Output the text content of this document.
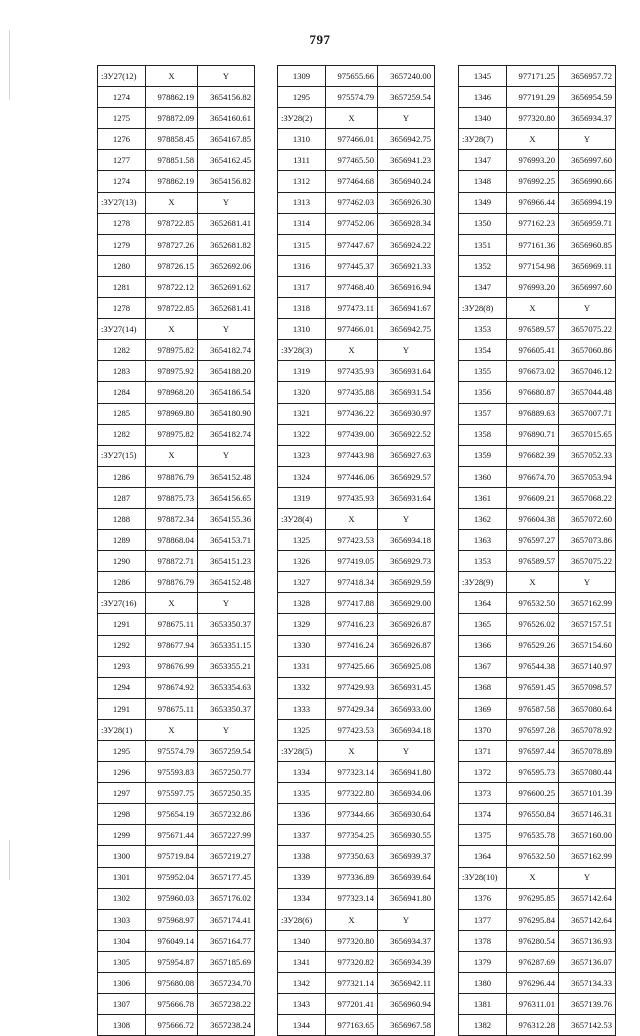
797
:ЗУ27(12)	X	Y
1274	978862.19	3654156.82
1275	978872.09	3654160.61
1276	978858.45	3654167.85
1277	978851.58	3654162.45
1274	978862.19	3654156.82
:ЗУ27(13)	X	Y
1278	978722.85	3652681.41
1279	978727.26	3652681.82
1280	978726.15	3652692.06
1281	978722.12	3652691.62
1278	978722.85	3652681.41
:ЗУ27(14)	X	Y
1282	978975.82	3654182.74
1283	978975.92	3654188.20
1284	978968.20	3654186.54
1285	978969.80	3654180.90
1282	978975.82	3654182.74
:ЗУ27(15)	X	Y
1286	978876.79	3654152.48
1287	978875.73	3654156.65
1288	978872.34	3654155.36
1289	978868.04	3654153.71
1290	978872.71	3654151.23
1286	978876.79	3654152.48
:ЗУ27(16)	X	Y
1291	978675.11	3653350.37
1292	978677.94	3653351.15
1293	978676.99	3653355.21
1294	978674.92	3653354.63
1291	978675.11	3653350.37
:ЗУ28(1)	X	Y
1295	975574.79	3657259.54
1296	975593.83	3657250.77
1297	975597.75	3657250.35
1298	975654.19	3657232.86
1299	975671.44	3657227.99
1300	975719.84	3657219.27
1301	975952.04	3657177.45
1302	975960.03	3657176.02
1303	975968.97	3657174.41
1304	976049.14	3657164.77
1305	975954.87	3657185.69
1306	975680.08	3657234.70
1307	975666.78	3657238.22
1308	975666.72	3657238.24
1309	975655.66	3657240.00
1295	975574.79	3657259.54
:ЗУ28(2)	X	Y
1310	977466.01	3656942.75
1311	977465.50	3656941.23
1312	977464.68	3656940.24
1313	977462.03	3656926.30
1314	977452.06	3656928.34
1315	977447.67	3656924.22
1316	977445.37	3656921.33
1317	977468.40	3656916.94
1318	977473.11	3656941.67
1310	977466.01	3656942.75
:ЗУ28(3)	X	Y
1319	977435.93	3656931.64
1320	977435.88	3656931.54
1321	977436.22	3656930.97
1322	977439.00	3656922.52
1323	977443.98	3656927.63
1324	977446.06	3656929.57
1319	977435.93	3656931.64
:ЗУ28(4)	X	Y
1325	977423.53	3656934.18
1326	977419.05	3656929.73
1327	977418.34	3656929.59
1328	977417.88	3656929.00
1329	977416.23	3656926.87
1330	977416.24	3656926.87
1331	977425.66	3656925.08
1332	977429.93	3656931.45
1333	977429.34	3656933.00
1325	977423.53	3656934.18
:ЗУ28(5)	X	Y
1334	977323.14	3656941.80
1335	977322.80	3656934.06
1336	977344.66	3656930.64
1337	977354.25	3656930.55
1338	977350.63	3656939.37
1339	977336.89	3656939.64
1334	977323.14	3656941.80
:ЗУ28(6)	X	Y
1340	977320.80	3656934.37
1341	977320.82	3656934.39
1342	977321.14	3656942.11
1343	977201.41	3656960.94
1344	977163.65	3656967.58
1345	977171.25	3656957.72
1346	977191.29	3656954.59
1340	977320.80	3656934.37
:ЗУ28(7)	X	Y
1347	976993.20	3656997.60
1348	976992.25	3656990.66
1349	976966.44	3656994.19
1350	977162.23	3656959.71
1351	977161.36	3656960.85
1352	977154.98	3656969.11
1347	976993.20	3656997.60
:ЗУ28(8)	X	Y
1353	976589.57	3657075.22
1354	976605.41	3657060.86
1355	976673.02	3657046.12
1356	976680.87	3657044.48
1357	976889.63	3657007.71
1358	976890.71	3657015.65
1359	976682.39	3657052.33
1360	976674.70	3657053.94
1361	976609.21	3657068.22
1362	976604.38	3657072.60
1363	976597.27	3657073.86
1353	976589.57	3657075.22
:ЗУ28(9)	X	Y
1364	976532.50	3657162.99
1365	976526.02	3657157.51
1366	976529.26	3657154.60
1367	976544.38	3657140.97
1368	976591.45	3657098.57
1369	976587.58	3657080.64
1370	976597.28	3657078.92
1371	976597.44	3657078.89
1372	976595.73	3657080.44
1373	976600.25	3657101.39
1374	976550.84	3657146.31
1375	976535.78	3657160.00
1364	976532.50	3657162.99
:ЗУ28(10)	X	Y
1376	976295.85	3657142.64
1377	976295.84	3657142.64
1378	976280.54	3657136.93
1379	976287.69	3657136.07
1380	976296.44	3657134.33
1381	976311.01	3657139.76
1382	976312.28	3657142.53
